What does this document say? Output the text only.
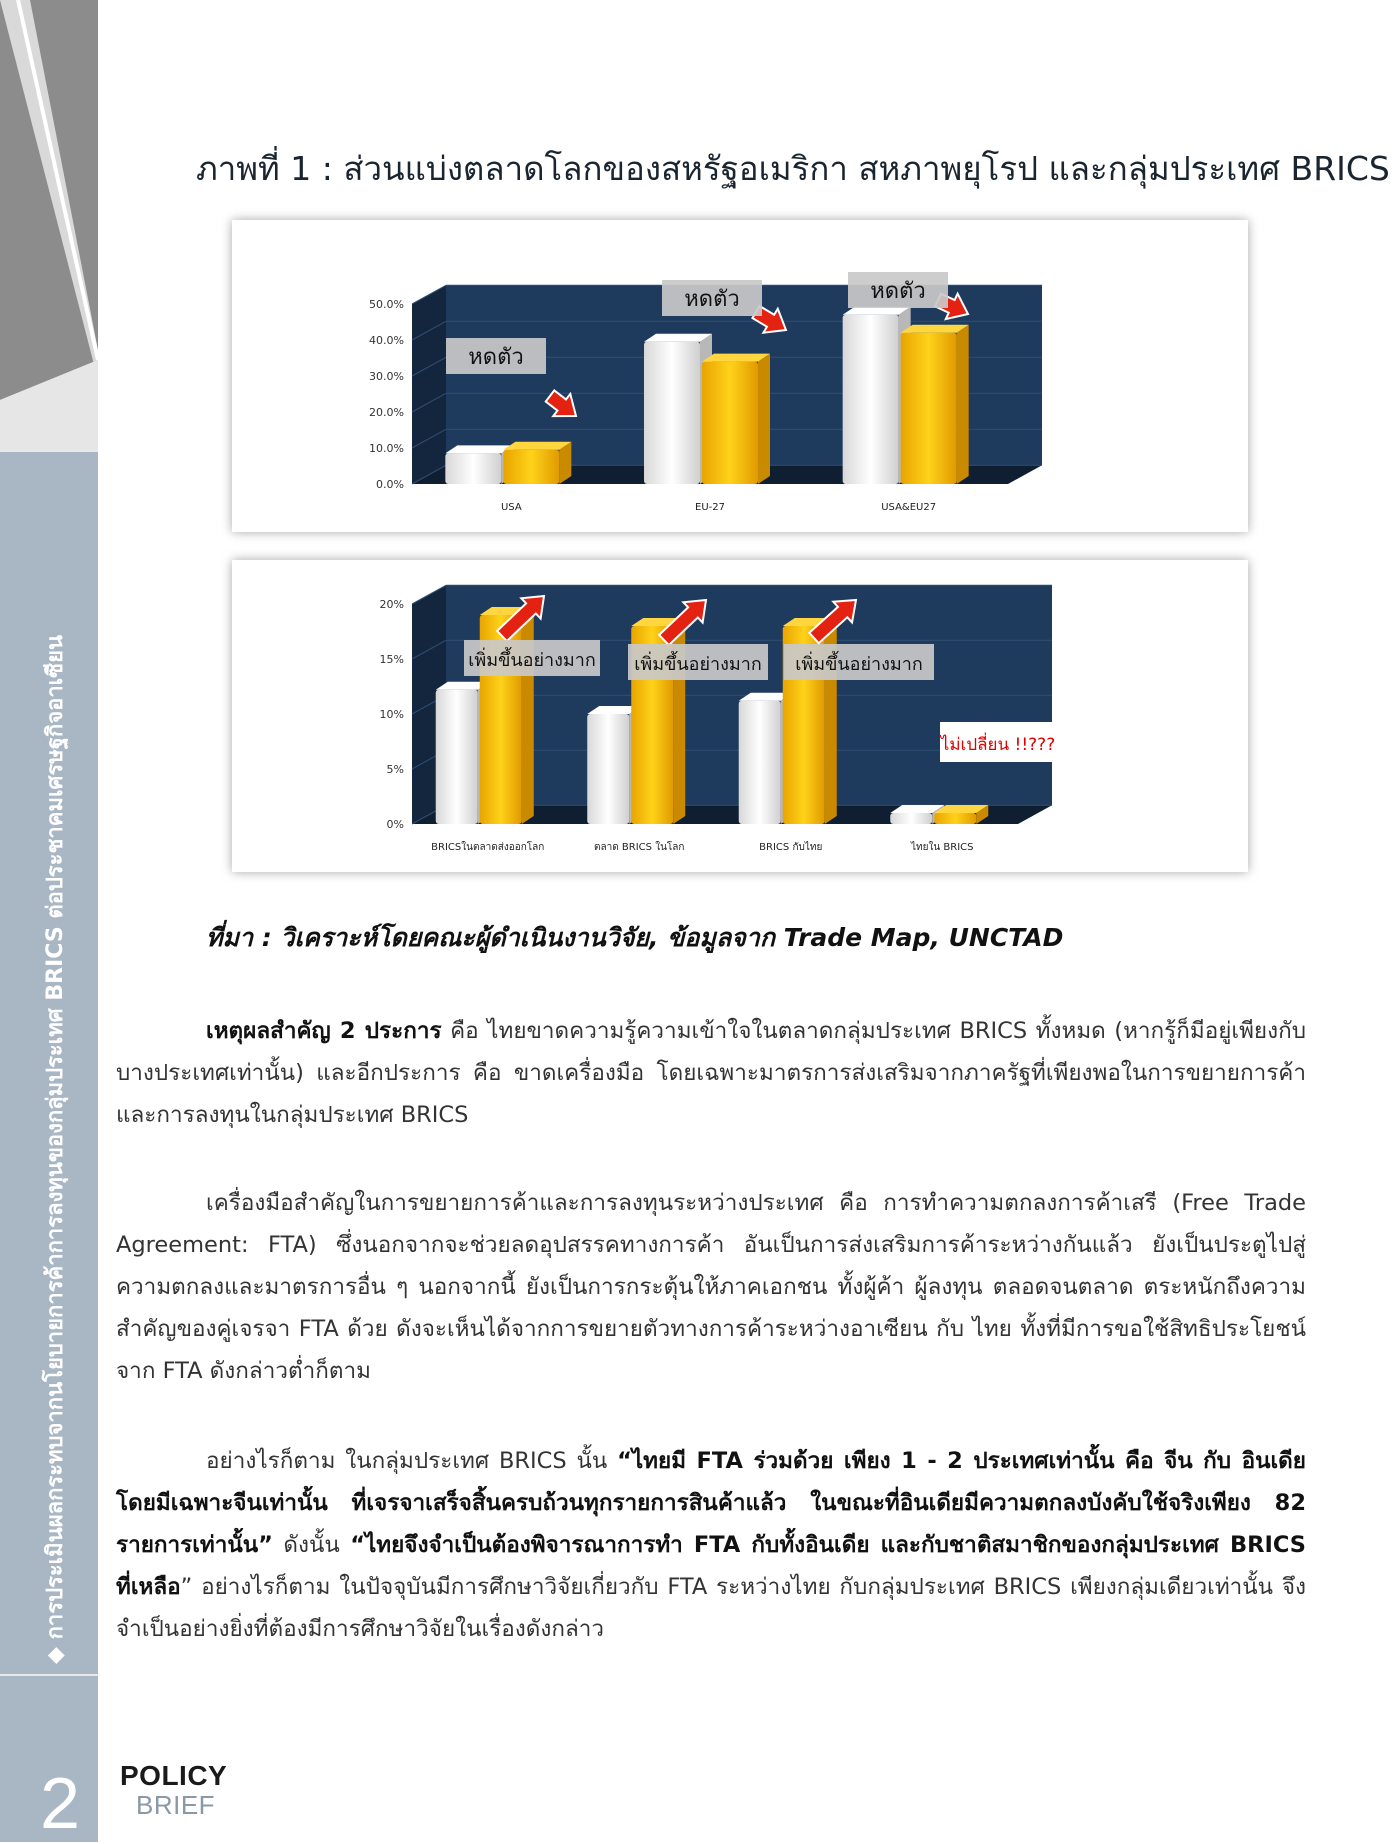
◆ การประเมินผลกระทบจากนโยบายการค้าการลงทุนของกลุ่มประเทศ BRICS ต่อประชาคมเศรษฐกิจอาเซียน
2 POLICY
BRIEF
ภาพที่ 1 : ส่วนแบ่งตลาดโลกของสหรัฐอเมริกา สหภาพยุโรป และกลุ่มประเทศ BRICS
0.0%
10.0%
20.0%
30.0%
40.0%
50.0%
USA	EU-27	USA&EU27
หดตัว
หดตัว	หดตัว
0%
5%
10%
15%
20%
BRICSในตลาดส่งออกโลก	ตลาด BRICS ในโลก	BRICS กับไทย	ไทยใน BRICS
เพิ่มขึ้นอย่างมาก เพิ่มขึ้นอย่างมาก เพิ่มขึ้นอย่างมาก
ไม่เปลี่ยน !!???
ที่มา : วิเคราะห์โดยคณะผู้ดำเนินงานวิจัย, ข้อมูลจาก Trade Map, UNCTAD
เหตุผลสำคัญ 2 ประการ คือ ไทยขาดความรู้ความเข้าใจในตลาดกลุ่มประเทศ BRICS ทั้งหมด (หากรู้ก็มีอยู่เพียงกับบางประเทศเท่านั้น) และอีกประการ คือ ขาดเครื่องมือ โดยเฉพาะมาตรการส่งเสริมจากภาครัฐที่เพียงพอในการขยายการค้าและการลงทุนในกลุ่มประเทศ BRICS
เครื่องมือสำคัญในการขยายการค้าและการลงทุนระหว่างประเทศ คือ การทำความตกลงการค้าเสรี (Free Trade Agreement: FTA) ซึ่งนอกจากจะช่วยลดอุปสรรคทางการค้า อันเป็นการส่งเสริมการค้าระหว่างกันแล้ว ยังเป็นประตูไปสู่ความตกลงและมาตรการอื่น ๆ นอกจากนี้ ยังเป็นการกระตุ้นให้ภาคเอกชน ทั้งผู้ค้า ผู้ลงทุน ตลอดจนตลาด ตระหนักถึงความสำคัญของคู่เจรจา FTA ด้วย ดังจะเห็นได้จากการขยายตัวทางการค้าระหว่างอาเซียน กับ ไทย ทั้งที่มีการขอใช้สิทธิประโยชน์จาก FTA ดังกล่าวต่ำก็ตาม
อย่างไรก็ตาม ในกลุ่มประเทศ BRICS นั้น “ไทยมี FTA ร่วมด้วย เพียง 1 - 2 ประเทศเท่านั้น คือ จีน กับ อินเดีย โดยมีเฉพาะจีนเท่านั้น ที่เจรจาเสร็จสิ้นครบถ้วนทุกรายการสินค้าแล้ว ในขณะที่อินเดียมีความตกลงบังคับใช้จริงเพียง 82 รายการเท่านั้น” ดังนั้น “ไทยจึงจำเป็นต้องพิจารณาการทำ FTA กับทั้งอินเดีย และกับชาติสมาชิกของกลุ่มประเทศ BRICS ที่เหลือ” อย่างไรก็ตาม ในปัจจุบันมีการศึกษาวิจัยเกี่ยวกับ FTA ระหว่างไทย กับกลุ่มประเทศ BRICS เพียงกลุ่มเดียวเท่านั้น จึงจำเป็นอย่างยิ่งที่ต้องมีการศึกษาวิจัยในเรื่องดังกล่าว
